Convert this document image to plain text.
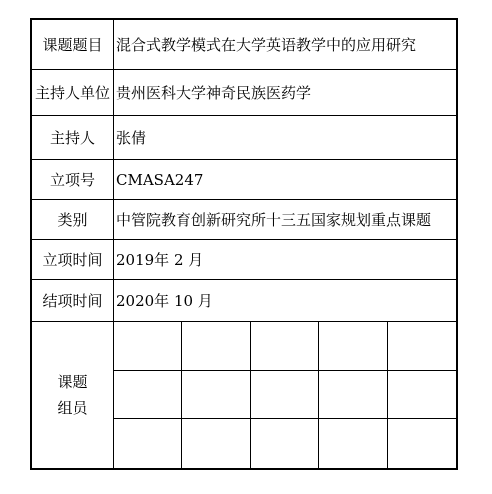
课题题目 混合式教学模式在大学英语教学中的应用研究
主持人单位 贵州医科大学神奇民族医药学
主持人	张倩
立项号	CMASA247
类别	中管院教育创新研究所十三五国家规划重点课题
立项时间 2019年 2 月
结项时间 2020年 10 月
课题
组员
